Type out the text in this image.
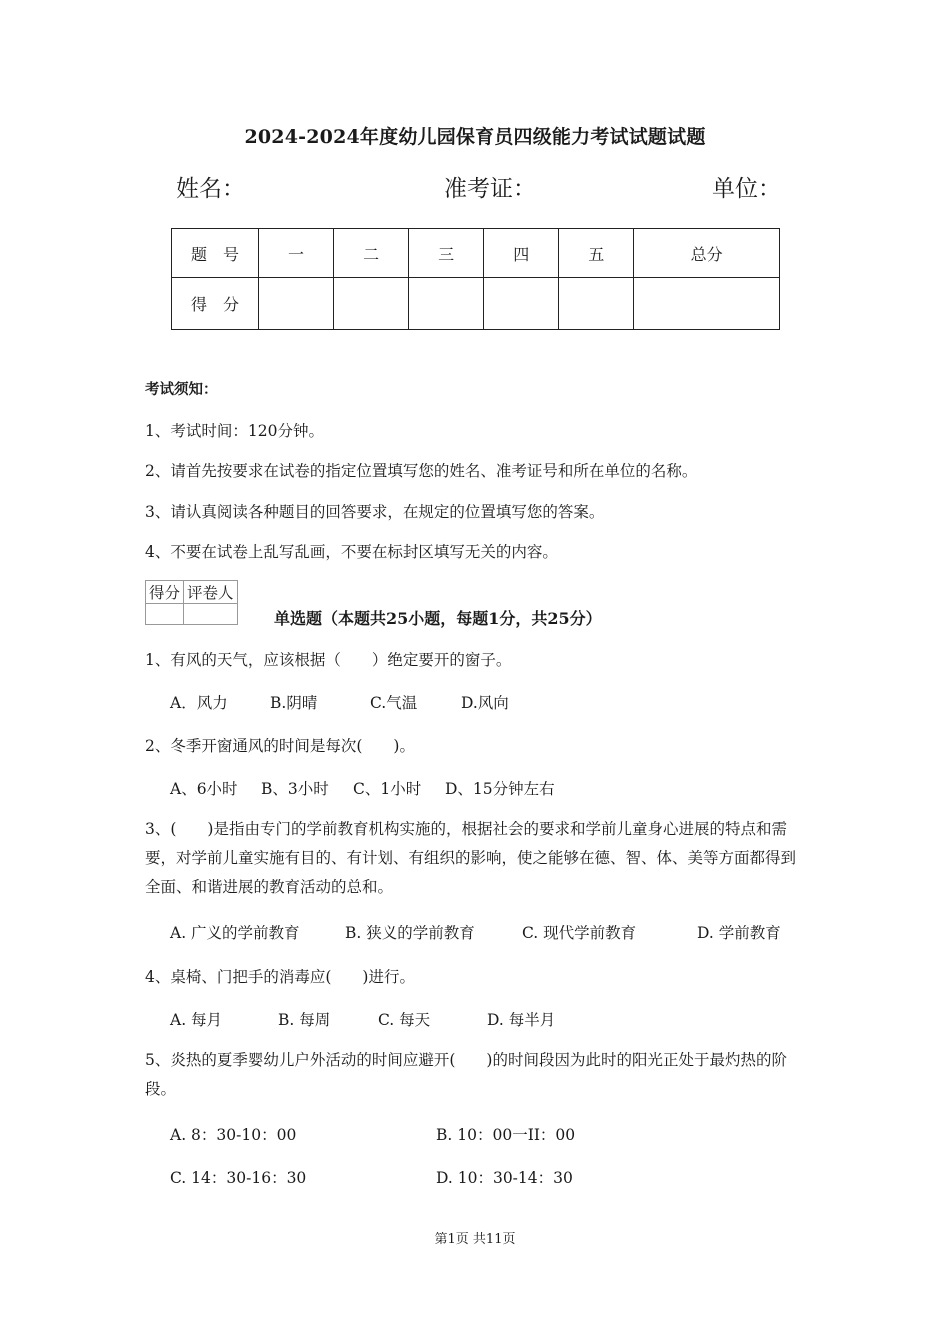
2024-2024年度幼儿园保育员四级能力考试试题试题
姓名：	准考证：	单位：
题　号	一	二	三	四	五	总分
得　分						
考试须知：
1、考试时间：120分钟。
2、请首先按要求在试卷的指定位置填写您的姓名、准考证号和所在单位的名称。
3、请认真阅读各种题目的回答要求，在规定的位置填写您的答案。
4、不要在试卷上乱写乱画，不要在标封区填写无关的内容。
得分	评卷人

单选题（本题共25小题，每题1分，共25分）
1、有风的天气，应该根据（　　）绝定要开的窗子。
A．风力	B.阴晴	C.气温	D.风向
2、冬季开窗通风的时间是每次(　　)。
A、6小时 B、3小时 C、1小时 D、15分钟左右
3、(　　)是指由专门的学前教育机构实施的，根据社会的要求和学前儿童身心进展的特点和需要，对学前儿童实施有目的、有计划、有组织的影响，使之能够在德、智、体、美等方面都得到全面、和谐进展的教育活动的总和。
A. 广义的学前教育	B. 狭义的学前教育	C. 现代学前教育	D. 学前教育
4、桌椅、门把手的消毒应(　　)进行。
A. 每月	B. 每周	C. 每天	D. 每半月
5、炎热的夏季婴幼儿户外活动的时间应避开(　　)的时间段因为此时的阳光正处于最灼热的阶段。
A. 8：30-10：00	B. 10：00一II：00
C. 14：30-16：30	D. 10：30-14：30
第1页 共11页
